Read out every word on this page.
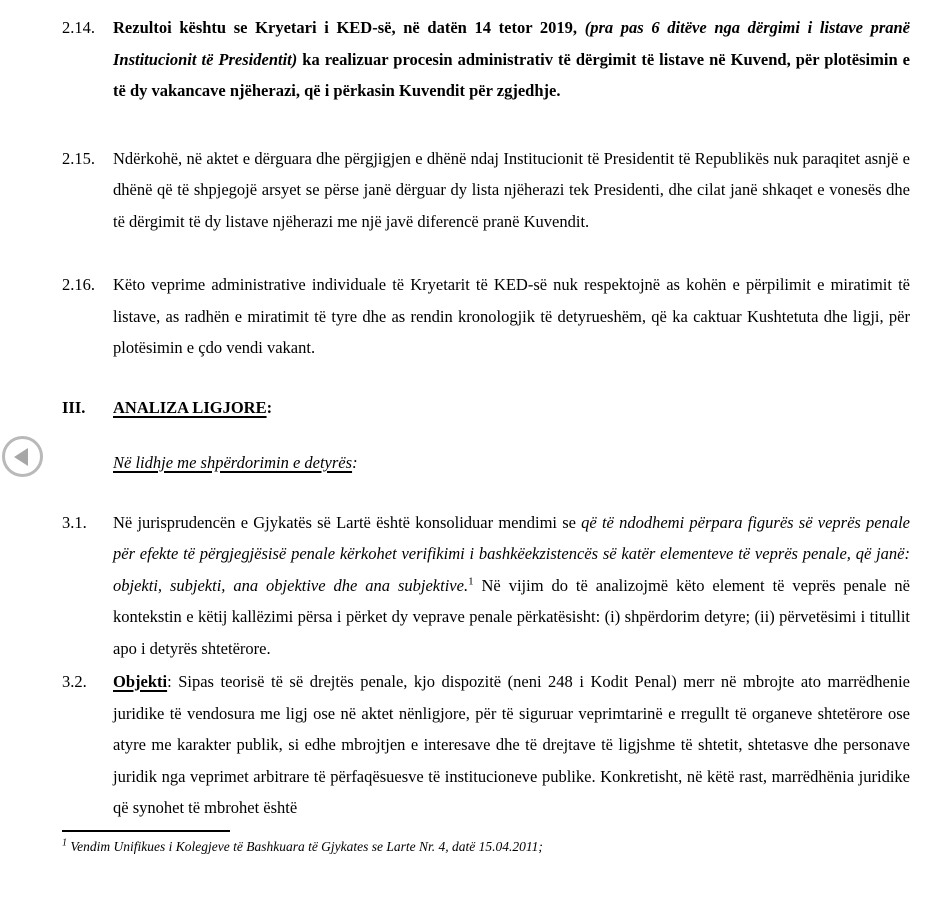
2.14.	Rezultoi kështu se Kryetari i KED-së, në datën 14 tetor 2019, (pra pas 6 ditëve nga dërgimi i listave pranë Institucionit të Presidentit) ka realizuar procesin administrativ të dërgimit të listave në Kuvend, për plotësimin e të dy vakancave njëherazi, që i përkasin Kuvendit për zgjedhje.

2.15.	Ndërkohë, në aktet e dërguara dhe përgjigjen e dhënë ndaj Institucionit të Presidentit të Republikës nuk paraqitet asnjë e dhënë që të shpjegojë arsyet se përse janë dërguar dy lista njëherazi tek Presidenti, dhe cilat janë shkaqet e vonesës dhe të dërgimit të dy listave njëherazi me një javë diferencë pranë Kuvendit.

2.16.	Këto veprime administrative individuale të Kryetarit të KED-së nuk respektojnë as kohën e përpilimit e miratimit të listave, as radhën e miratimit të tyre dhe as rendin kronologjik të detyrueshëm, që ka caktuar Kushtetuta dhe ligji, për plotësimin e çdo vendi vakant.

III.	ANALIZA LIGJORE:

Në lidhje me shpërdorimin e detyrës:
3.1.	Në jurisprudencën e Gjykatës së Lartë është konsoliduar mendimi se që të ndodhemi përpara figurës së veprës penale për efekte të përgjegjësisë penale kërkohet verifikimi i bashkëekzistencës së katër elementeve të veprës penale, që janë: objekti, subjekti, ana objektive dhe ana subjektive.$^1$ Në vijim do të analizojmë këto element të veprës penale në kontekstin e këtij kallëzimi përsa i përket dy veprave penale përkatësisht: (i) shpërdorim detyre; (ii) përvetësimi i titullit apo i detyrës shtetërore.

3.2.	Objekti: Sipas teorisë të së drejtës penale, kjo dispozitë (neni 248 i Kodit Penal) merr në mbrojte ato marrëdhenie juridike të vendosura me ligj ose në aktet nënligjore, për të siguruar veprimtarinë e rregullt të organeve shtetërore ose atyre me karakter publik, si edhe mbrojtjen e interesave dhe të drejtave të ligjshme të shtetit, shtetasve dhe personave juridik nga veprimet arbitrare të përfaqësuesve të institucioneve publike. Konkretisht, në këtë rast, marrëdhënia juridike që synohet të mbrohet është

$^1$ Vendim Unifikues i Kolegjeve të Bashkuara të Gjykates se Larte Nr. 4, datë 15.04.2011;
